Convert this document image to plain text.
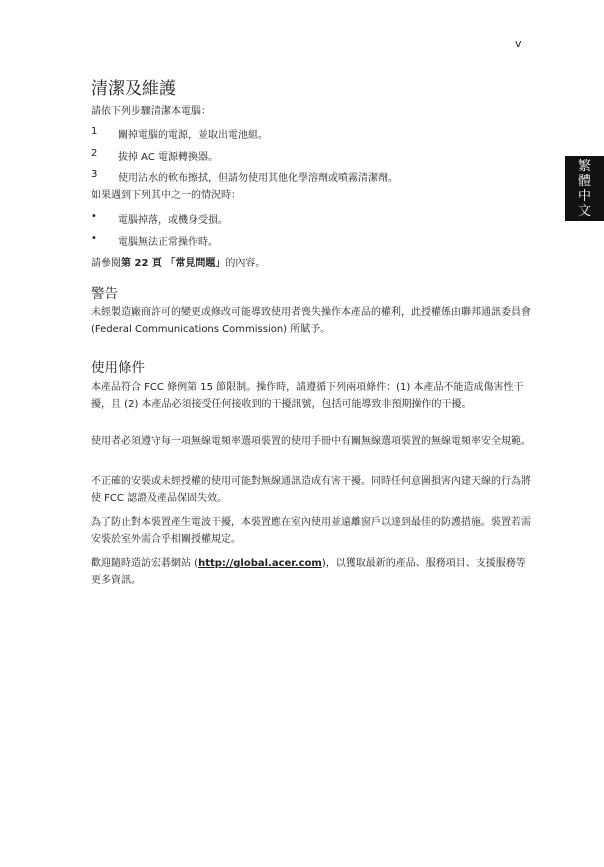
v
繁
體
中
文
清潔及維護
請依下列步驟清潔本電腦：
1 關掉電腦的電源，並取出電池組。
2 拔掉 AC 電源轉換器。
3 使用沾水的軟布擦拭，但請勿使用其他化學溶劑或噴霧清潔劑。
如果遇到下列其中之一的情況時：
• 電腦掉落，或機身受損。
• 電腦無法正常操作時。
請參閱第 22 頁 「常見問題」的內容。
警告
未經製造廠商許可的變更或修改可能導致使用者喪失操作本產品的權利，此授權係由聯邦通訊委員會 (Federal Communications Commission) 所賦予。
使用條件
本產品符合 FCC 條例第 15 節限制。操作時，請遵循下列兩項條件：(1) 本產品不能造成傷害性干擾，且 (2) 本產品必須接受任何接收到的干擾訊號，包括可能導致非預期操作的干擾。
使用者必須遵守每一項無線電頻率選項裝置的使用手冊中有關無線選項裝置的無線電頻率安全規範。
不正確的安裝或未經授權的使用可能對無線通訊造成有害干擾。同時任何意圖損害內建天線的行為將使 FCC 認證及產品保固失效。
為了防止對本裝置產生電波干擾，本裝置應在室內使用並遠離窗戶以達到最佳的防護措施。裝置若需安裝於室外需合乎相關授權規定。
歡迎隨時造訪宏碁網站 (http://global.acer.com)，以獲取最新的產品、服務項目、支援服務等更多資訊。
